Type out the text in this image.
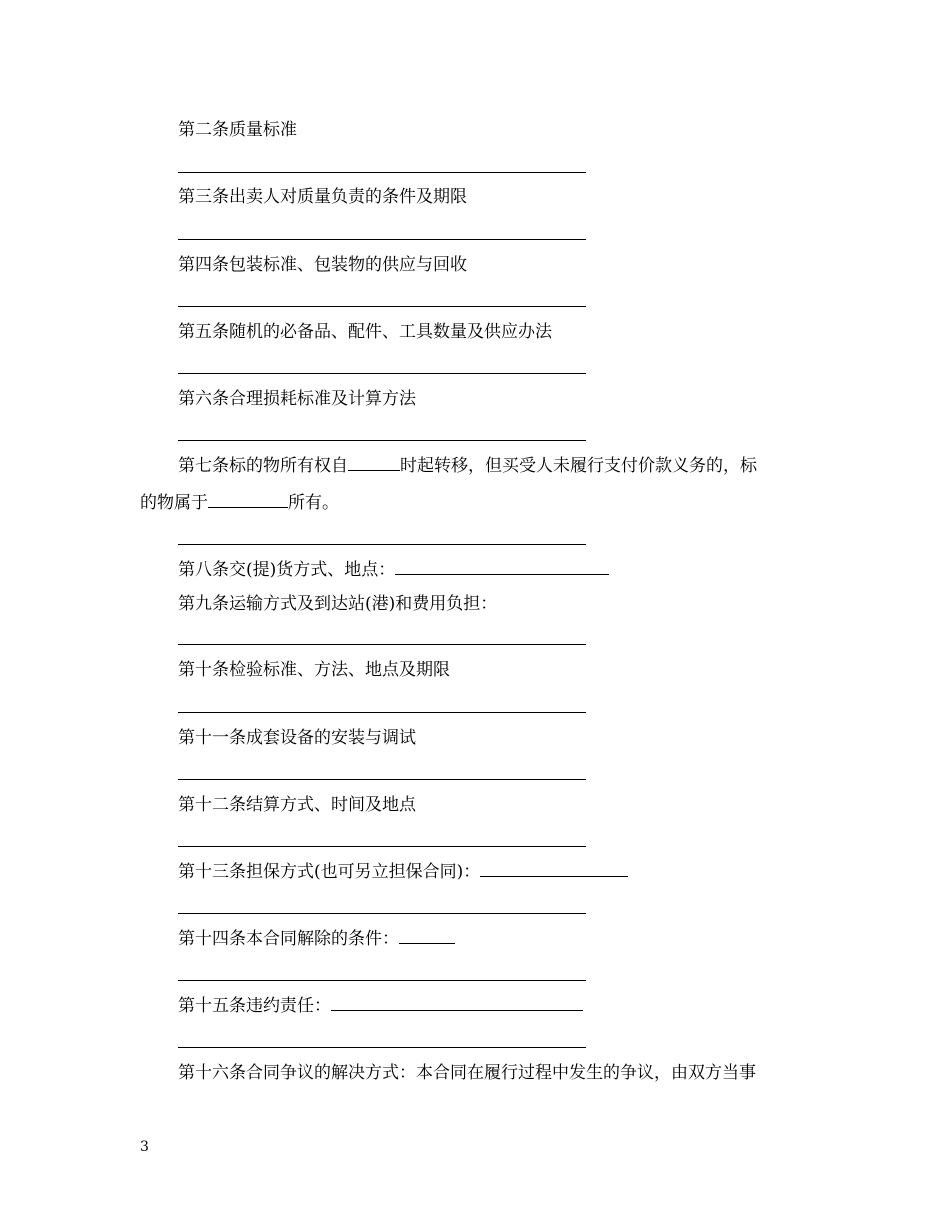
第二条质量标准
第三条出卖人对质量负责的条件及期限
第四条包装标准、包装物的供应与回收
第五条随机的必备品、配件、工具数量及供应办法
第六条合理损耗标准及计算方法
第七条标的物所有权自	时起转移，但买受人未履行支付价款义务的，标
的物属于	所有。
第八条交(提)货方式、地点：
第九条运输方式及到达站(港)和费用负担：
第十条检验标准、方法、地点及期限
第十一条成套设备的安装与调试
第十二条结算方式、时间及地点
第十三条担保方式(也可另立担保合同)：
第十四条本合同解除的条件：
第十五条违约责任：
第十六条合同争议的解决方式：本合同在履行过程中发生的争议，由双方当事
3
